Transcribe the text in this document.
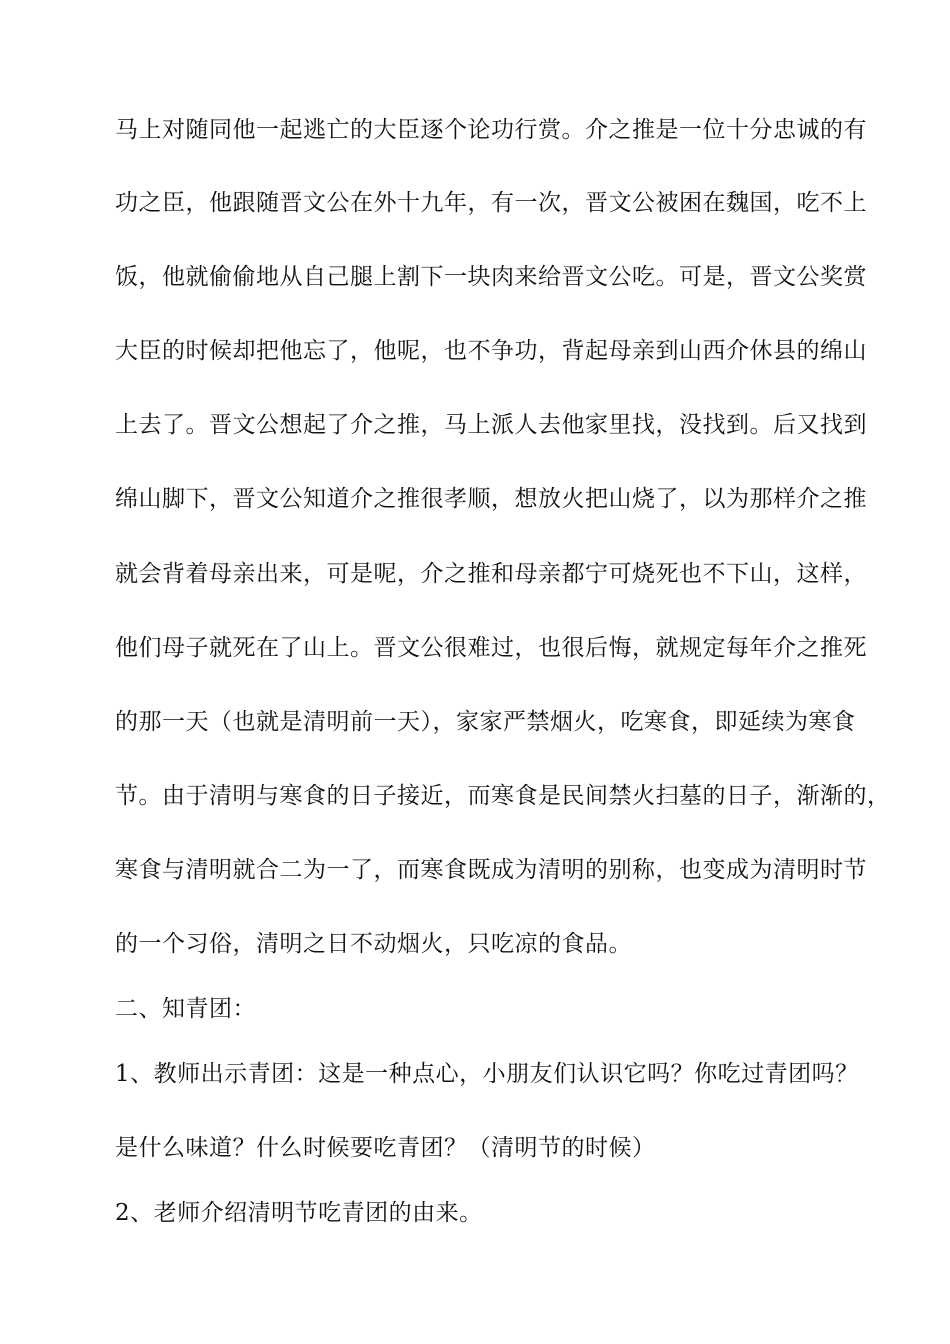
马上对随同他一起逃亡的大臣逐个论功行赏。介之推是一位十分忠诚的有
功之臣，他跟随晋文公在外十九年，有一次，晋文公被困在魏国，吃不上
饭，他就偷偷地从自己腿上割下一块肉来给晋文公吃。可是，晋文公奖赏
大臣的时候却把他忘了，他呢，也不争功，背起母亲到山西介休县的绵山
上去了。晋文公想起了介之推，马上派人去他家里找，没找到。后又找到
绵山脚下，晋文公知道介之推很孝顺，想放火把山烧了，以为那样介之推
就会背着母亲出来，可是呢，介之推和母亲都宁可烧死也不下山，这样，
他们母子就死在了山上。晋文公很难过，也很后悔，就规定每年介之推死
的那一天（也就是清明前一天），家家严禁烟火，吃寒食，即延续为寒食
节。由于清明与寒食的日子接近，而寒食是民间禁火扫墓的日子，渐渐的，
寒食与清明就合二为一了，而寒食既成为清明的别称，也变成为清明时节
的一个习俗，清明之日不动烟火，只吃凉的食品。
二、知青团：
1、教师出示青团：这是一种点心，小朋友们认识它吗？你吃过青团吗？
是什么味道？什么时候要吃青团？（清明节的时候）
2、老师介绍清明节吃青团的由来。
